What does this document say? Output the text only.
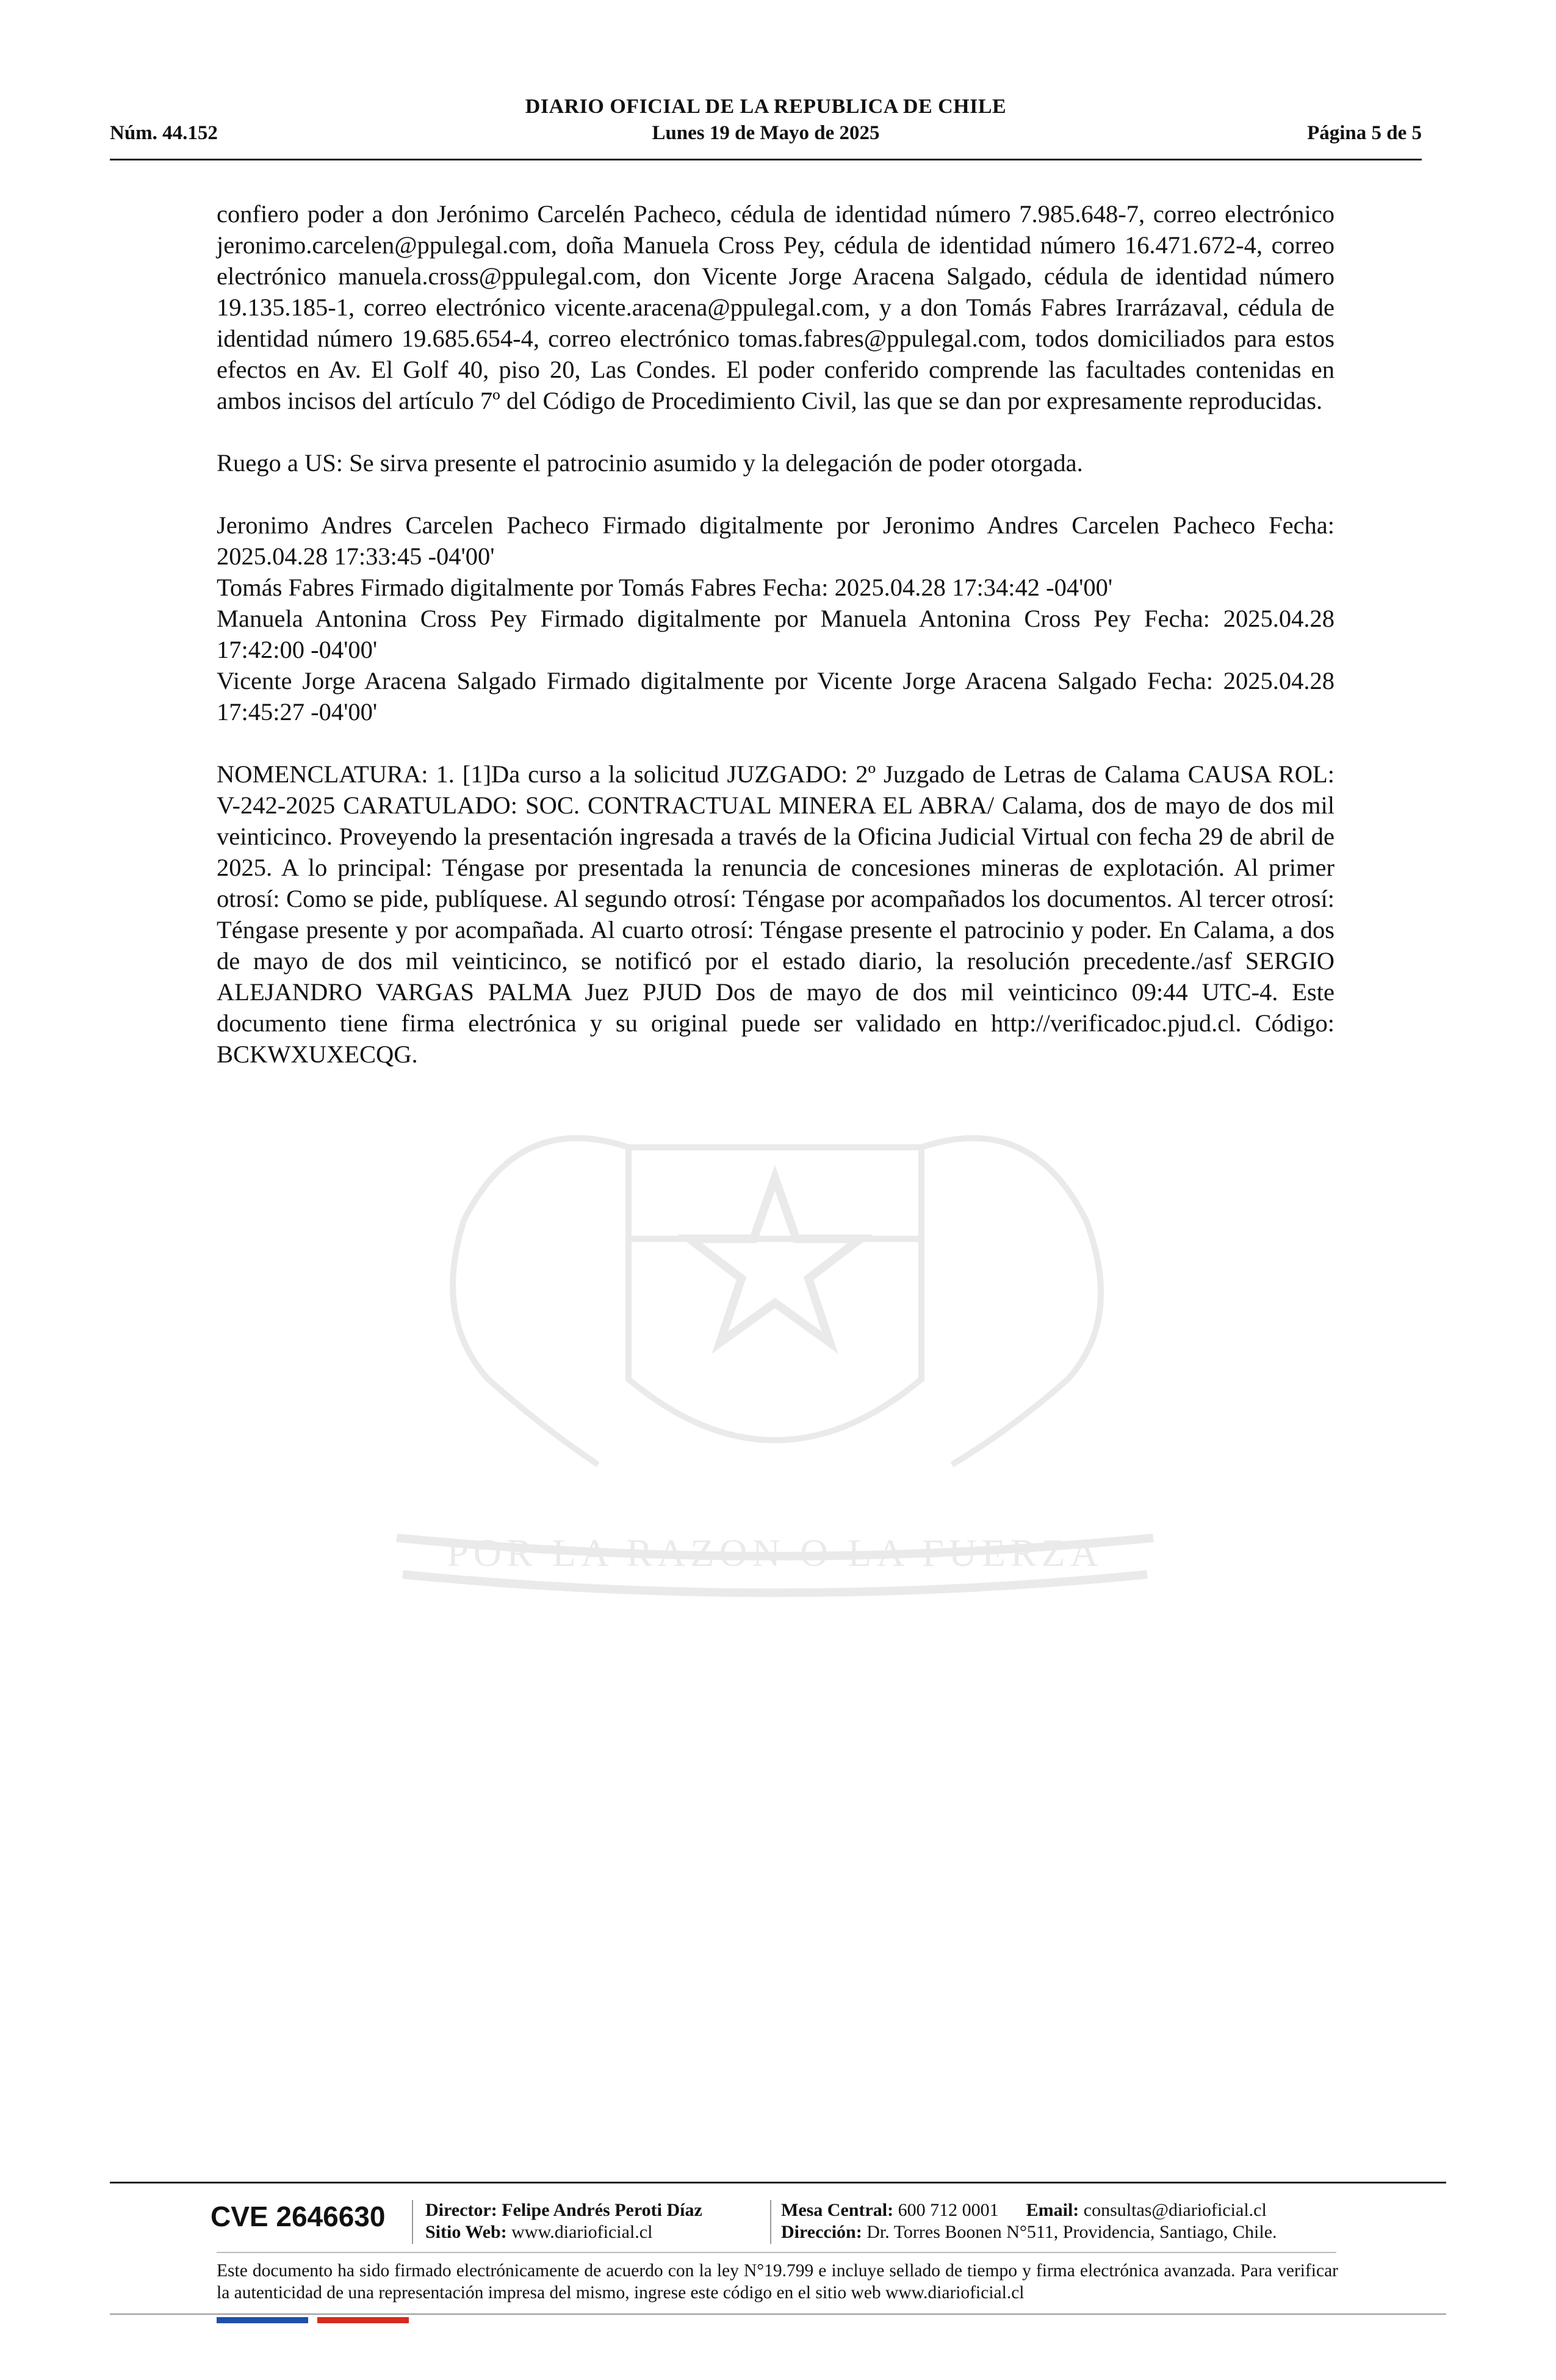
POR LA RAZON O LA FUERZA
DIARIO OFICIAL DE LA REPUBLICA DE CHILE
Núm. 44.152	Lunes 19 de Mayo de 2025	Página 5 de 5

confiero poder a don Jerónimo Carcelén Pacheco, cédula de identidad número 7.985.648-7, correo electrónico jeronimo.carcelen@ppulegal.com, doña Manuela Cross Pey, cédula de identidad número 16.471.672-4, correo electrónico manuela.cross@ppulegal.com, don Vicente Jorge Aracena Salgado, cédula de identidad número 19.135.185-1, correo electrónico vicente.aracena@ppulegal.com, y a don Tomás Fabres Irarrázaval, cédula de identidad número 19.685.654-4, correo electrónico tomas.fabres@ppulegal.com, todos domiciliados para estos efectos en Av. El Golf 40, piso 20, Las Condes. El poder conferido comprende las facultades contenidas en ambos incisos del artículo 7º del Código de Procedimiento Civil, las que se dan por expresamente reproducidas.

Ruego a US: Se sirva presente el patrocinio asumido y la delegación de poder otorgada.

Jeronimo Andres Carcelen Pacheco Firmado digitalmente por Jeronimo Andres Carcelen Pacheco Fecha: 2025.04.28 17:33:45 -04'00'

Tomás Fabres Firmado digitalmente por Tomás Fabres Fecha: 2025.04.28 17:34:42 -04'00'

Manuela Antonina Cross Pey Firmado digitalmente por Manuela Antonina Cross Pey Fecha: 2025.04.28 17:42:00 -04'00'

Vicente Jorge Aracena Salgado Firmado digitalmente por Vicente Jorge Aracena Salgado Fecha: 2025.04.28 17:45:27 -04'00'

NOMENCLATURA: 1. [1]Da curso a la solicitud JUZGADO: 2º Juzgado de Letras de Calama CAUSA ROL: V-242-2025 CARATULADO: SOC. CONTRACTUAL MINERA EL ABRA/ Calama, dos de mayo de dos mil veinticinco. Proveyendo la presentación ingresada a través de la Oficina Judicial Virtual con fecha 29 de abril de 2025. A lo principal: Téngase por presentada la renuncia de concesiones mineras de explotación. Al primer otrosí: Como se pide, publíquese. Al segundo otrosí: Téngase por acompañados los documentos. Al tercer otrosí: Téngase presente y por acompañada. Al cuarto otrosí: Téngase presente el patrocinio y poder. En Calama, a dos de mayo de dos mil veinticinco, se notificó por el estado diario, la resolución precedente./asf SERGIO ALEJANDRO VARGAS PALMA Juez PJUD Dos de mayo de dos mil veinticinco 09:44 UTC-4. Este documento tiene firma electrónica y su original puede ser validado en http://verificadoc.pjud.cl. Código: BCKWXUXECQG.

CVE 2646630 Director: Felipe Andrés Peroti Díaz
Sitio Web: www.diarioficial.cl
Mesa Central: 600 712 0001 Email: consultas@diarioficial.cl
Dirección: Dr. Torres Boonen N°511, Providencia, Santiago, Chile.
Este documento ha sido firmado electrónicamente de acuerdo con la ley N°19.799 e incluye sellado de tiempo y firma electrónica avanzada. Para verificar la autenticidad de una representación impresa del mismo, ingrese este código en el sitio web www.diarioficial.cl
